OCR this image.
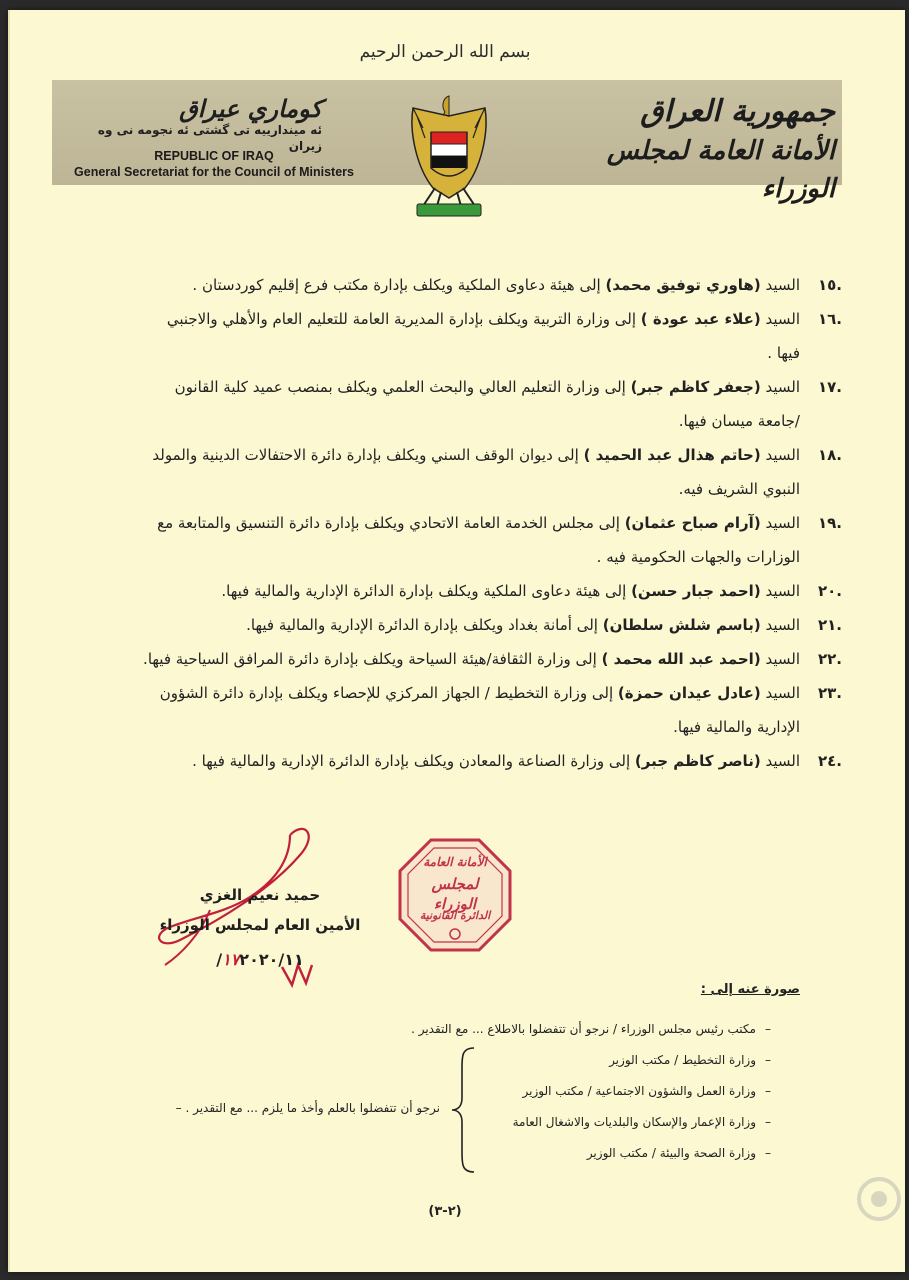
بسم الله الرحمن الرحيم
كوماري عيراق
ئه ميندارييه تى گشتى ئه نجومه نى وه زيران
REPUBLIC OF IRAQ
General Secretariat for the Council of Ministers
جمهورية العراق
الأمانة العامة لمجلس الوزراء
.١٥
السيد (هاوري توفيق محمد) إلى هيئة دعاوى الملكية ويكلف بإدارة مكتب فرع إقليم كوردستان .
.١٦
السيد (علاء عبد عودة ) إلى وزارة التربية ويكلف بإدارة المديرية العامة للتعليم العام والأهلي والاجنبي
فيها .
.١٧
السيد (جعفر كاظم جبر) إلى وزارة التعليم العالي والبحث العلمي ويكلف بمنصب عميد كلية القانون
/جامعة ميسان فيها.
.١٨
السيد (حاتم هذال عبد الحميد ) إلى ديوان الوقف السني ويكلف بإدارة دائرة الاحتفالات الدينية والمولد
النبوي الشريف فيه.
.١٩
السيد (آرام صباح عثمان) إلى مجلس الخدمة العامة الاتحادي ويكلف بإدارة دائرة التنسيق والمتابعة مع
الوزارات والجهات الحكومية فيه .
.٢٠
السيد (احمد جبار حسن) إلى هيئة دعاوى الملكية ويكلف بإدارة الدائرة الإدارية والمالية فيها.
.٢١
السيد (باسم شلش سلطان) إلى أمانة بغداد ويكلف بإدارة الدائرة الإدارية والمالية فيها.
.٢٢
السيد (احمد عبد الله محمد ) إلى وزارة الثقافة/هيئة السياحة ويكلف بإدارة دائرة المرافق السياحية فيها.
.٢٣
السيد (عادل عيدان حمزة) إلى وزارة التخطيط / الجهاز المركزي للإحصاء ويكلف بإدارة دائرة الشؤون
الإدارية والمالية فيها.
.٢٤
السيد (ناصر كاظم جبر) إلى وزارة الصناعة والمعادن ويكلف بإدارة الدائرة الإدارية والمالية فيها .
حميد نعيم الغزي
الأمين العام لمجلس الوزراء
١٧٢٠٢٠/١١/
الأمانة العامة
لمجلس الوزراء
الدائرة القانونية
صورة عنه إلى :
–مكتب رئيس مجلس الوزراء / نرجو أن تتفضلوا بالاطلاع ... مع التقدير .
–وزارة التخطيط / مكتب الوزير
–وزارة العمل والشؤون الاجتماعية / مكتب الوزير
–وزارة الإعمار والإسكان والبلديات والاشغال العامة
–وزارة الصحة والبيئة / مكتب الوزير
نرجو أن تتفضلوا بالعلم وأخذ ما يلزم ... مع التقدير . –
(٢-٣)
